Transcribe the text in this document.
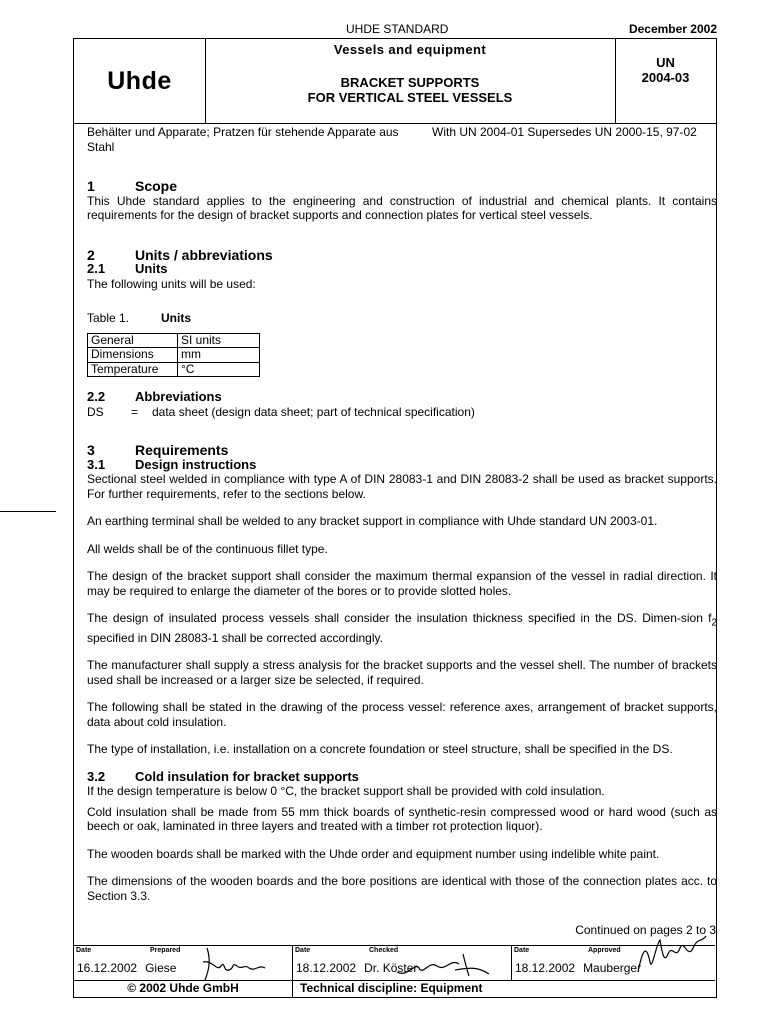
UHDE STANDARD	December 2002
Uhde
Vessels and equipment
BRACKET SUPPORTS
FOR VERTICAL STEEL VESSELS
UN
2004-03
Continued on pages 2 to 3
Date	Prepared
16.12.2002 Giese
Date	Checked
18.12.2002 Dr. Köster
Date	Approved
18.12.2002 Mauberger
© 2002 Uhde GmbH	Technical discipline: Equipment
Behälter und Apparate; Pratzen für stehende Apparate aus Stahl
With UN 2004-01 Supersedes UN 2000-15, 97-02
1	Scope

This Uhde standard applies to the engineering and construction of industrial and chemical plants. It contains requirements for the design of bracket supports and connection plates for vertical steel vessels.

2	Units / abbreviations
2.1 Units

The following units will be used:

Table 1.	Units
General	SI units
Dimensions	mm
Temperature	°C
2.2 Abbreviations
DS = data sheet (design data sheet; part of technical specification)
3	Requirements
3.1 Design instructions

Sectional steel welded in compliance with type A of DIN 28083-1 and DIN 28083-2 shall be used as bracket supports. For further requirements, refer to the sections below.

An earthing terminal shall be welded to any bracket support in compliance with Uhde standard UN 2003-01.

All welds shall be of the continuous fillet type.

The design of the bracket support shall consider the maximum thermal expansion of the vessel in radial direction. It may be required to enlarge the diameter of the bores or to provide slotted holes.

The design of insulated process vessels shall consider the insulation thickness specified in the DS. Dimen-sion $f_2$ specified in DIN 28083-1 shall be corrected accordingly.

The manufacturer shall supply a stress analysis for the bracket supports and the vessel shell. The number of brackets used shall be increased or a larger size be selected, if required.

The following shall be stated in the drawing of the process vessel: reference axes, arrangement of bracket supports, data about cold insulation.

The type of installation, i.e. installation on a concrete foundation or steel structure, shall be specified in the DS.

3.2 Cold insulation for bracket supports

If the design temperature is below 0 °C, the bracket support shall be provided with cold insulation.

Cold insulation shall be made from 55 mm thick boards of synthetic-resin compressed wood or hard wood (such as beech or oak, laminated in three layers and treated with a timber rot protection liquor).

The wooden boards shall be marked with the Uhde order and equipment number using indelible white paint.

The dimensions of the wooden boards and the bore positions are identical with those of the connection plates acc. to Section 3.3.
